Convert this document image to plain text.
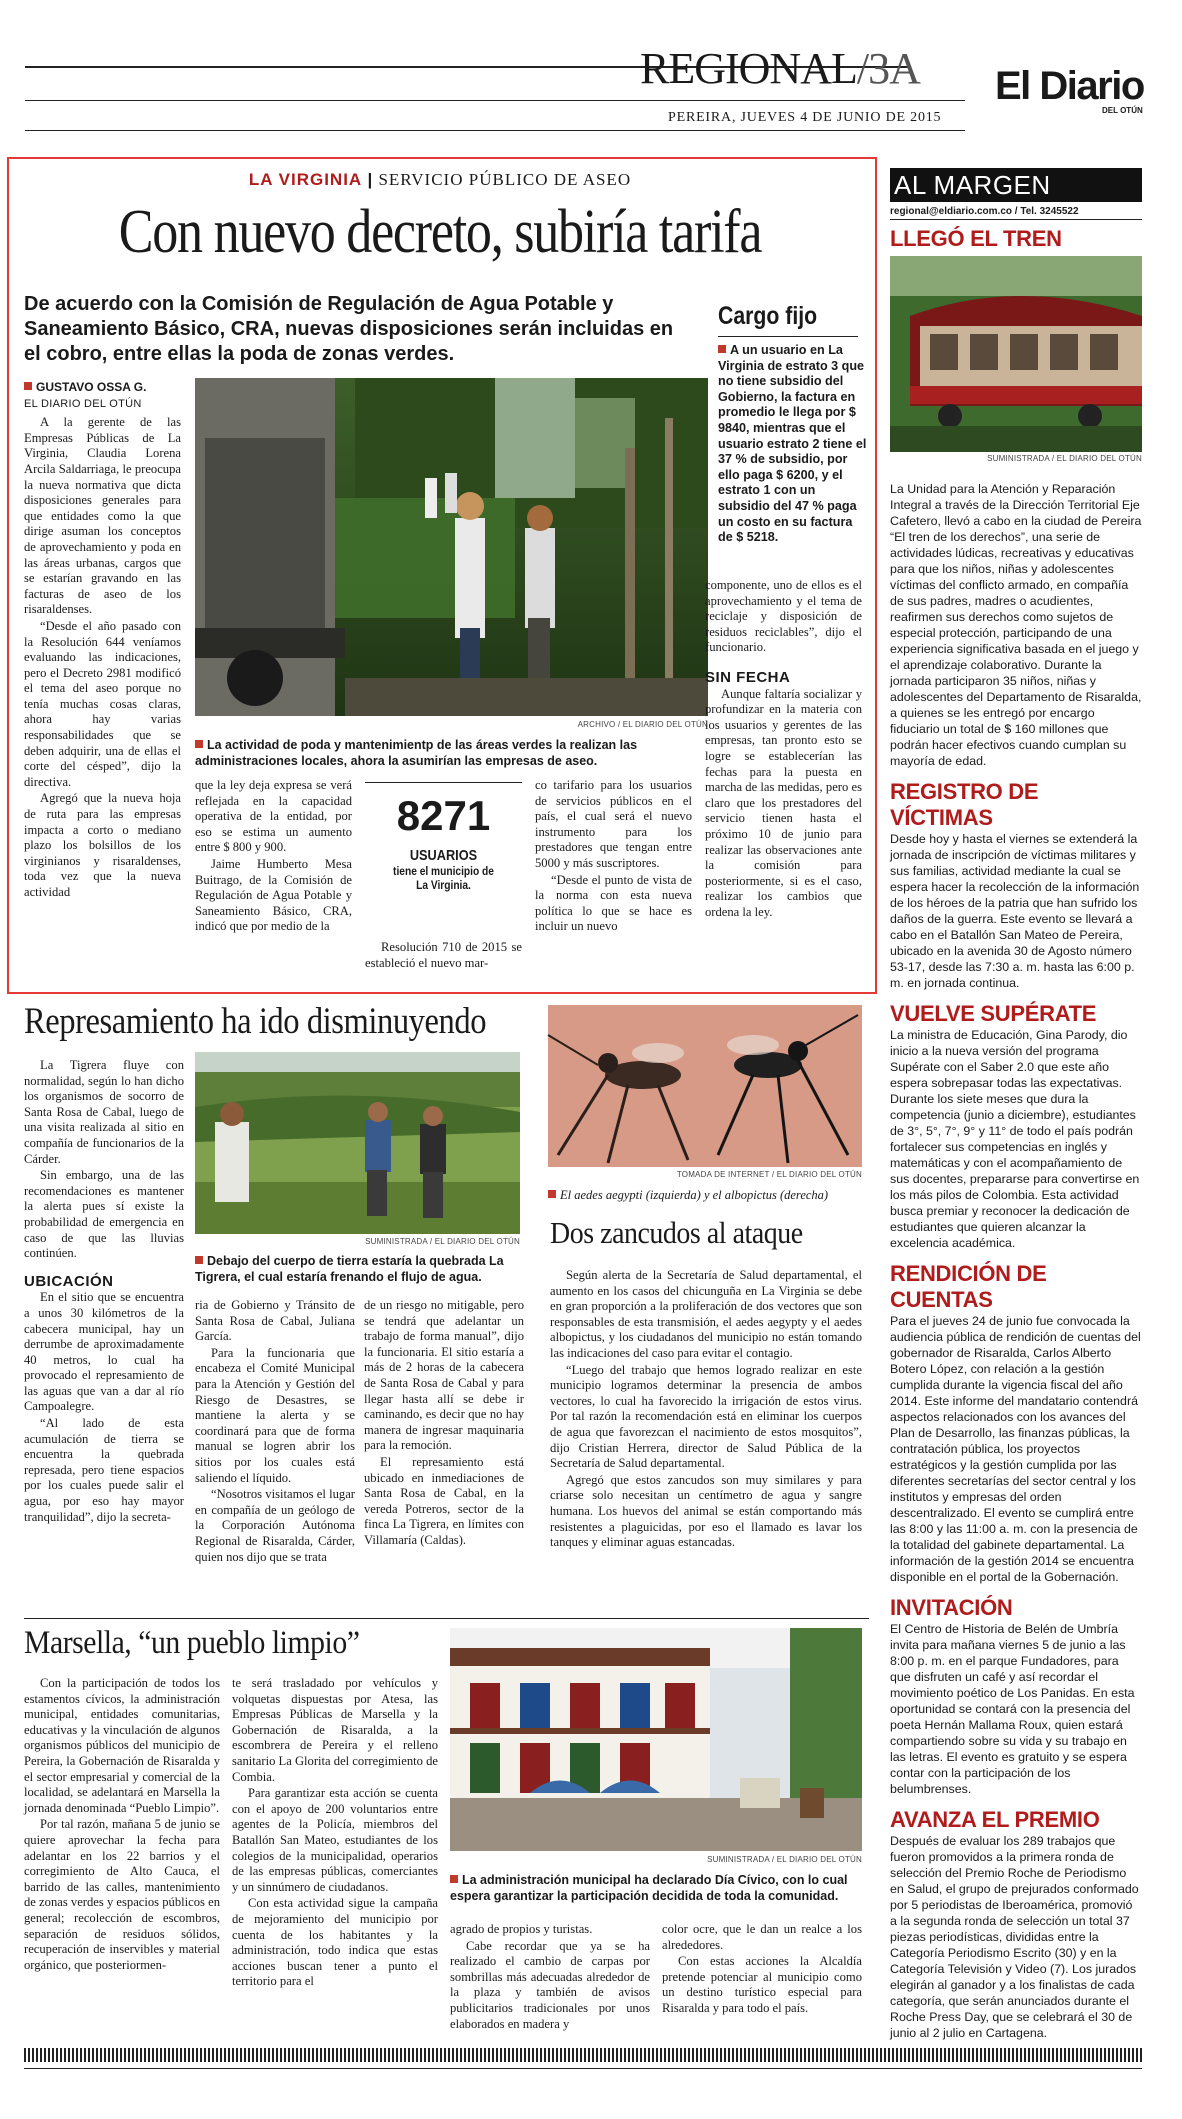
REGIONAL/3A El Diario
DEL OTÚN
PEREIRA, JUEVES 4 DE JUNIO DE 2015
LA VIRGINIA | SERVICIO PÚBLICO DE ASEO
Con nuevo decreto, subiría tarifa
De acuerdo con la Comisión de Regulación de Agua Potable y Saneamiento Básico, CRA, nuevas disposiciones serán incluidas en el cobro, entre ellas la poda de zonas verdes.

GUSTAVO OSSA G.

EL DIARIO DEL OTÚN

A la gerente de las Empresas Públicas de La Virginia, Claudia Lorena Arcila Saldarriaga, le preocupa la nueva normativa que dicta disposiciones generales para que entidades como la que dirige asuman los conceptos de aprovechamiento y poda en las áreas urbanas, cargos que se estarían gravando en las facturas de aseo de los risaraldenses.

“Desde el año pasado con la Resolución 644 veníamos evaluando las indicaciones, pero el Decreto 2981 modificó el tema del aseo porque no tenía muchas cosas claras, ahora hay varias responsabilidades que se deben adquirir, una de ellas el corte del césped”, dijo la directiva.

Agregó que la nueva hoja de ruta para las empresas impacta a corto o mediano plazo los bolsillos de los virginianos y risaraldenses, toda vez que la nueva actividad

ARCHIVO / EL DIARIO DEL OTÚN
La actividad de poda y mantenimientp de las áreas verdes la realizan las administraciones locales, ahora la asumirían las empresas de aseo.

que la ley deja expresa se verá reflejada en la capacidad operativa de la entidad, por eso se estima un aumento entre $ 800 y 900.

Jaime Humberto Mesa Buitrago, de la Comisión de Regulación de Agua Potable y Saneamiento Básico, CRA, indicó que por medio de la

8271
USUARIOS
tiene el municipio de La Virginia.

Resolución 710 de 2015 se estableció el nuevo mar-

co tarifario para los usuarios de servicios públicos en el país, el cual será el nuevo instrumento para los prestadores que tengan entre 5000 y más suscriptores.

“Desde el punto de vista de la norma con esta nueva política lo que se hace es incluir un nuevo

componente, uno de ellos es el aprovechamiento y el tema de reciclaje y disposición de residuos reciclables”, dijo el funcionario.

SIN FECHA

Aunque faltaría socializar y profundizar en la materia con los usuarios y gerentes de las empresas, tan pronto esto se logre se establecerían las fechas para la puesta en marcha de las medidas, pero es claro que los prestadores del servicio tienen hasta el próximo 10 de junio para realizar las observaciones ante la comisión para posteriormente, si es el caso, realizar los cambios que ordena la ley.

Cargo fijo
A un usuario en La Virginia de estrato 3 que no tiene subsidio del Gobierno, la factura en promedio le llega por $ 9840, mientras que el usuario estrato 2 tiene el 37 % de subsidio, por ello paga $ 6200, y el estrato 1 con un subsidio del 47 % paga un costo en su factura de $ 5218.
AL MARGEN
regional@eldiario.com.co / Tel. 3245522
LLEGÓ EL TREN
SUMINISTRADA / EL DIARIO DEL OTÚN
La Unidad para la Atención y Reparación Integral a través de la Dirección Territorial Eje Cafetero, llevó a cabo en la ciudad de Pereira “El tren de los derechos”, una serie de actividades lúdicas, recreativas y educativas para que los niños, niñas y adolescentes víctimas del conflicto armado, en compañía de sus padres, madres o acudientes, reafirmen sus derechos como sujetos de especial protección, participando de una experiencia significativa basada en el juego y el aprendizaje colaborativo. Durante la jornada participaron 35 niños, niñas y adolescentes del Departamento de Risaralda, a quienes se les entregó por encargo fiduciario un total de $ 160 millones que podrán hacer efectivos cuando cumplan su mayoría de edad.
REGISTRO DE VÍCTIMAS
Desde hoy y hasta el viernes se extenderá la jornada de inscripción de víctimas militares y sus familias, actividad mediante la cual se espera hacer la recolección de la información de los héroes de la patria que han sufrido los daños de la guerra. Este evento se llevará a cabo en el Batallón San Mateo de Pereira, ubicado en la avenida 30 de Agosto número 53-17, desde las 7:30 a. m. hasta las 6:00 p. m. en jornada continua.
VUELVE SUPÉRATE
La ministra de Educación, Gina Parody, dio inicio a la nueva versión del programa Supérate con el Saber 2.0 que este año espera sobrepasar todas las expectativas. Durante los siete meses que dura la competencia (junio a diciembre), estudiantes de 3°, 5°, 7°, 9° y 11° de todo el país podrán fortalecer sus competencias en inglés y matemáticas y con el acompañamiento de sus docentes, prepararse para convertirse en los más pilos de Colombia. Esta actividad busca premiar y reconocer la dedicación de estudiantes que quieren alcanzar la excelencia académica.
RENDICIÓN DE CUENTAS
Para el jueves 24 de junio fue convocada la audiencia pública de rendición de cuentas del gobernador de Risaralda, Carlos Alberto Botero López, con relación a la gestión cumplida durante la vigencia fiscal del año 2014. Este informe del mandatario contendrá aspectos relacionados con los avances del Plan de Desarrollo, las finanzas públicas, la contratación pública, los proyectos estratégicos y la gestión cumplida por las diferentes secretarías del sector central y los institutos y empresas del orden descentralizado. El evento se cumplirá entre las 8:00 y las 11:00 a. m. con la presencia de la totalidad del gabinete departamental. La información de la gestión 2014 se encuentra disponible en el portal de la Gobernación.
INVITACIÓN
El Centro de Historia de Belén de Umbría invita para mañana viernes 5 de junio a las 8:00 p. m. en el parque Fundadores, para que disfruten un café y así recordar el movimiento poético de Los Panidas. En esta oportunidad se contará con la presencia del poeta Hernán Mallama Roux, quien estará compartiendo sobre su vida y su trabajo en las letras. El evento es gratuito y se espera contar con la participación de los belumbrenses.
AVANZA EL PREMIO
Después de evaluar los 289 trabajos que fueron promovidos a la primera ronda de selección del Premio Roche de Periodismo en Salud, el grupo de prejurados conformado por 5 periodistas de Iberoamérica, promovió a la segunda ronda de selección un total 37 piezas periodísticas, divididas entre la Categoría Periodismo Escrito (30) y en la Categoría Televisión y Video (7). Los jurados elegirán al ganador y a los finalistas de cada categoría, que serán anunciados durante el Roche Press Day, que se celebrará el 30 de junio al 2 julio en Cartagena.
Represamiento ha ido disminuyendo

La Tigrera fluye con normalidad, según lo han dicho los organismos de socorro de Santa Rosa de Cabal, luego de una visita realizada al sitio en compañía de funcionarios de la Cárder.

Sin embargo, una de las recomendaciones es mantener la alerta pues sí existe la probabilidad de emergencia en caso de que las lluvias continúen.

UBICACIÓN

En el sitio que se encuentra a unos 30 kilómetros de la cabecera municipal, hay un derrumbe de aproximadamente 40 metros, lo cual ha provocado el represamiento de las aguas que van a dar al río Campoalegre.

“Al lado de esta acumulación de tierra se encuentra la quebrada represada, pero tiene espacios por los cuales puede salir el agua, por eso hay mayor tranquilidad”, dijo la secreta-

SUMINISTRADA / EL DIARIO DEL OTÚN
Debajo del cuerpo de tierra estaría la quebrada La Tigrera, el cual estaría frenando el flujo de agua.

ria de Gobierno y Tránsito de Santa Rosa de Cabal, Juliana García.

Para la funcionaria que encabeza el Comité Municipal para la Atención y Gestión del Riesgo de Desastres, se mantiene la alerta y se coordinará para que de forma manual se logren abrir los sitios por los cuales está saliendo el líquido.

“Nosotros visitamos el lugar en compañía de un geólogo de la Corporación Autónoma Regional de Risaralda, Cárder, quien nos dijo que se trata

de un riesgo no mitigable, pero se tendrá que adelantar un trabajo de forma manual”, dijo la funcionaria. El sitio estaría a más de 2 horas de la cabecera de Santa Rosa de Cabal y para llegar hasta allí se debe ir caminando, es decir que no hay manera de ingresar maquinaria para la remoción.

El represamiento está ubicado en inmediaciones de Santa Rosa de Cabal, en la vereda Potreros, sector de la finca La Tigrera, en límites con Villamaría (Caldas).

TOMADA DE INTERNET / EL DIARIO DEL OTÚN
El aedes aegypti (izquierda) y el albopictus (derecha)
Dos zancudos al ataque

Según alerta de la Secretaría de Salud departamental, el aumento en los casos del chicunguña en La Virginia se debe en gran proporción a la proliferación de dos vectores que son responsables de esta transmisión, el aedes aegypty y el aedes albopictus, y los ciudadanos del municipio no están tomando las indicaciones del caso para evitar el contagio.

“Luego del trabajo que hemos logrado realizar en este municipio logramos determinar la presencia de ambos vectores, lo cual ha favorecido la irrigación de estos virus. Por tal razón la recomendación está en eliminar los cuerpos de agua que favorezcan el nacimiento de estos mosquitos”, dijo Cristian Herrera, director de Salud Pública de la Secretaría de Salud departamental.

Agregó que estos zancudos son muy similares y para criarse solo necesitan un centímetro de agua y sangre humana. Los huevos del animal se están comportando más resistentes a plaguicidas, por eso el llamado es lavar los tanques y eliminar aguas estancadas.

Marsella, “un pueblo limpio”

Con la participación de todos los estamentos cívicos, la administración municipal, entidades comunitarias, educativas y la vinculación de algunos organismos públicos del municipio de Pereira, la Gobernación de Risaralda y el sector empresarial y comercial de la localidad, se adelantará en Marsella la jornada denominada “Pueblo Limpio”.

Por tal razón, mañana 5 de junio se quiere aprovechar la fecha para adelantar en los 22 barrios y el corregimiento de Alto Cauca, el barrido de las calles, mantenimiento de zonas verdes y espacios públicos en general; recolección de escombros, separación de residuos sólidos, recuperación de inservibles y material orgánico, que posteriormen-

te será trasladado por vehículos y volquetas dispuestas por Atesa, las Empresas Públicas de Marsella y la Gobernación de Risaralda, a la escombrera de Pereira y el relleno sanitario La Glorita del corregimiento de Combia.

Para garantizar esta acción se cuenta con el apoyo de 200 voluntarios entre agentes de la Policía, miembros del Batallón San Mateo, estudiantes de los colegios de la municipalidad, operarios de las empresas públicas, comerciantes y un sinnúmero de ciudadanos.

Con esta actividad sigue la campaña de mejoramiento del municipio por cuenta de los habitantes y la administración, todo indica que estas acciones buscan tener a punto el territorio para el

SUMINISTRADA / EL DIARIO DEL OTÚN
La administración municipal ha declarado Día Cívico, con lo cual espera garantizar la participación decidida de toda la comunidad.

agrado de propios y turistas.

Cabe recordar que ya se ha realizado el cambio de carpas por sombrillas más adecuadas alrededor de la plaza y también de avisos publicitarios tradicionales por unos elaborados en madera y

color ocre, que le dan un realce a los alrededores.

Con estas acciones la Alcaldía pretende potenciar al municipio como un destino turístico especial para Risaralda y para todo el país.
